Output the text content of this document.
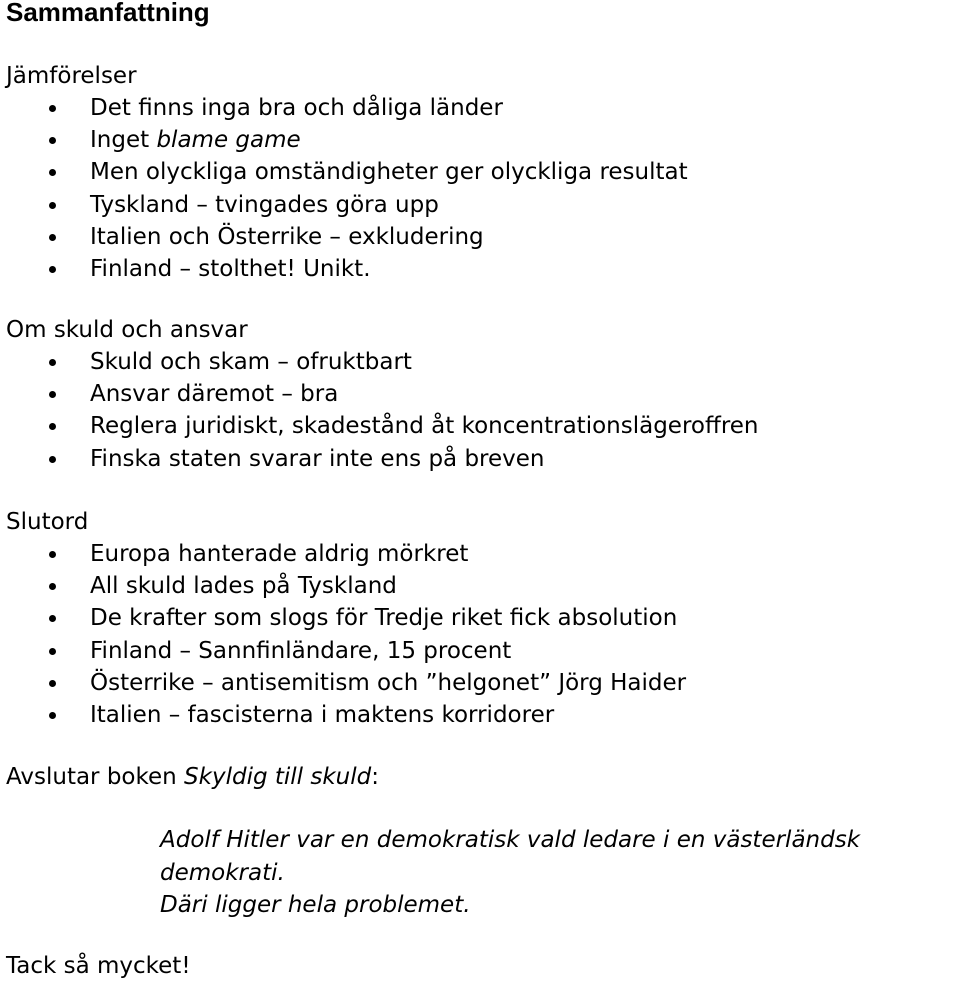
Sammanfattning
Jämförelser
Det finns inga bra och dåliga länder
Inget blame game
Men olyckliga omständigheter ger olyckliga resultat
Tyskland – tvingades göra upp
Italien och Österrike – exkludering
Finland – stolthet! Unikt.
Om skuld och ansvar
Skuld och skam – ofruktbart
Ansvar däremot – bra
Reglera juridiskt, skadestånd åt koncentrationslägeroffren
Finska staten svarar inte ens på breven
Slutord
Europa hanterade aldrig mörkret
All skuld lades på Tyskland
De krafter som slogs för Tredje riket fick absolution
Finland – Sannfinländare, 15 procent
Österrike – antisemitism och ”helgonet” Jörg Haider
Italien – fascisterna i maktens korridorer
Avslutar boken Skyldig till skuld:
Adolf Hitler var en demokratisk vald ledare i en västerländsk
demokrati.
Däri ligger hela problemet.
Tack så mycket!
